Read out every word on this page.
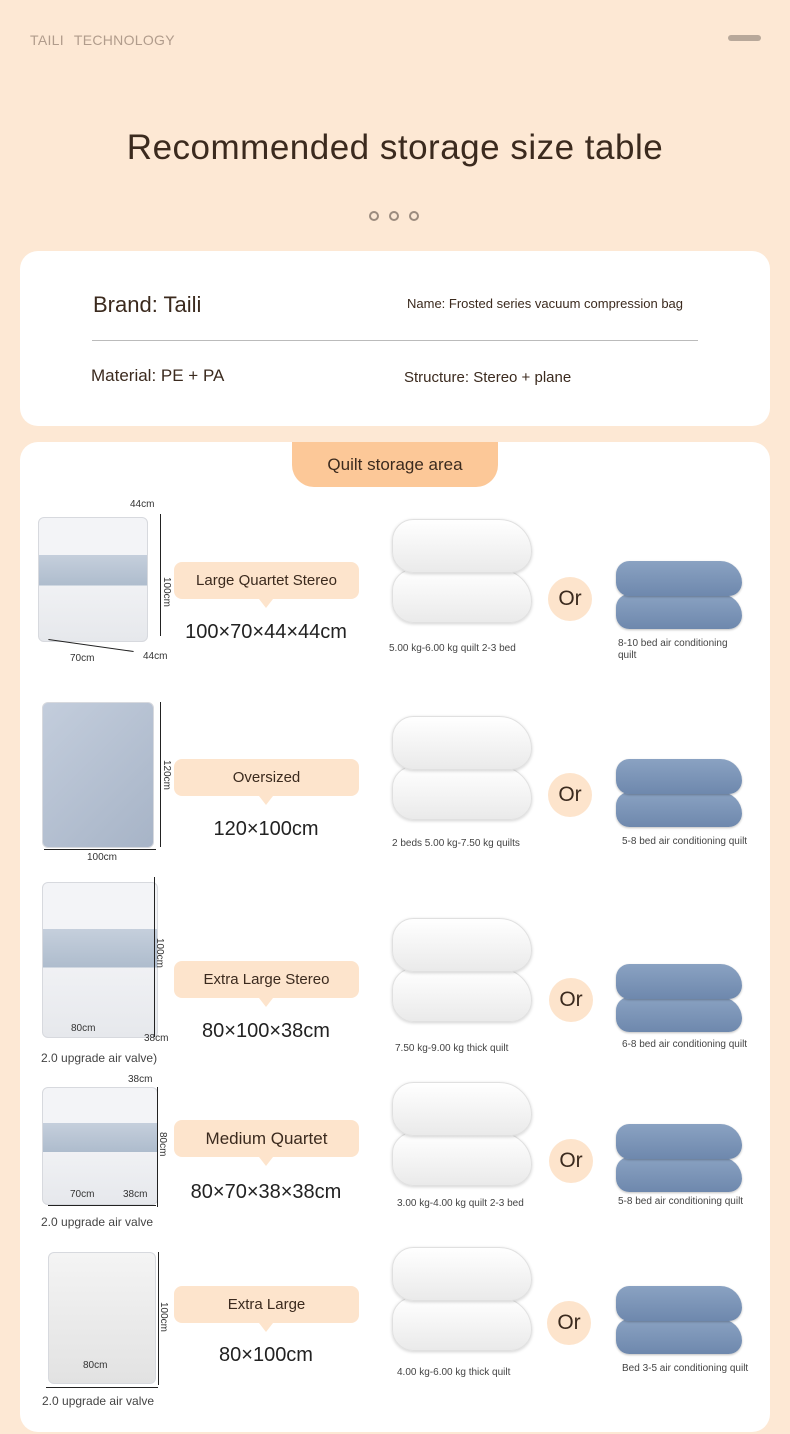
TAILI TECHNOLOGY
Recommended storage size table
Brand: Taili	Name: Frosted series vacuum compression bag
Material: PE + PA	Structure: Stereo + plane
Quilt storage area
44cm
100cm
70cm	44cm
Large Quartet Stereo
100×70×44×44cm
5.00 kg-6.00 kg quilt 2-3 bed
Or
8-10 bed air conditioning quilt
120cm
100cm
Oversized
120×100cm
2 beds 5.00 kg-7.50 kg quilts
Or
5-8 bed air conditioning quilt
100cm
80cm
38cm
2.0 upgrade air valve)
Extra Large Stereo
80×100×38cm
7.50 kg-9.00 kg thick quilt
Or
6-8 bed air conditioning quilt
38cm
80cm
70cm	38cm
2.0 upgrade air valve
Medium Quartet
80×70×38×38cm
3.00 kg-4.00 kg quilt 2-3 bed
Or
5-8 bed air conditioning quilt
100cm
80cm
2.0 upgrade air valve
Extra Large
80×100cm
4.00 kg-6.00 kg thick quilt
Or
Bed 3-5 air conditioning quilt
